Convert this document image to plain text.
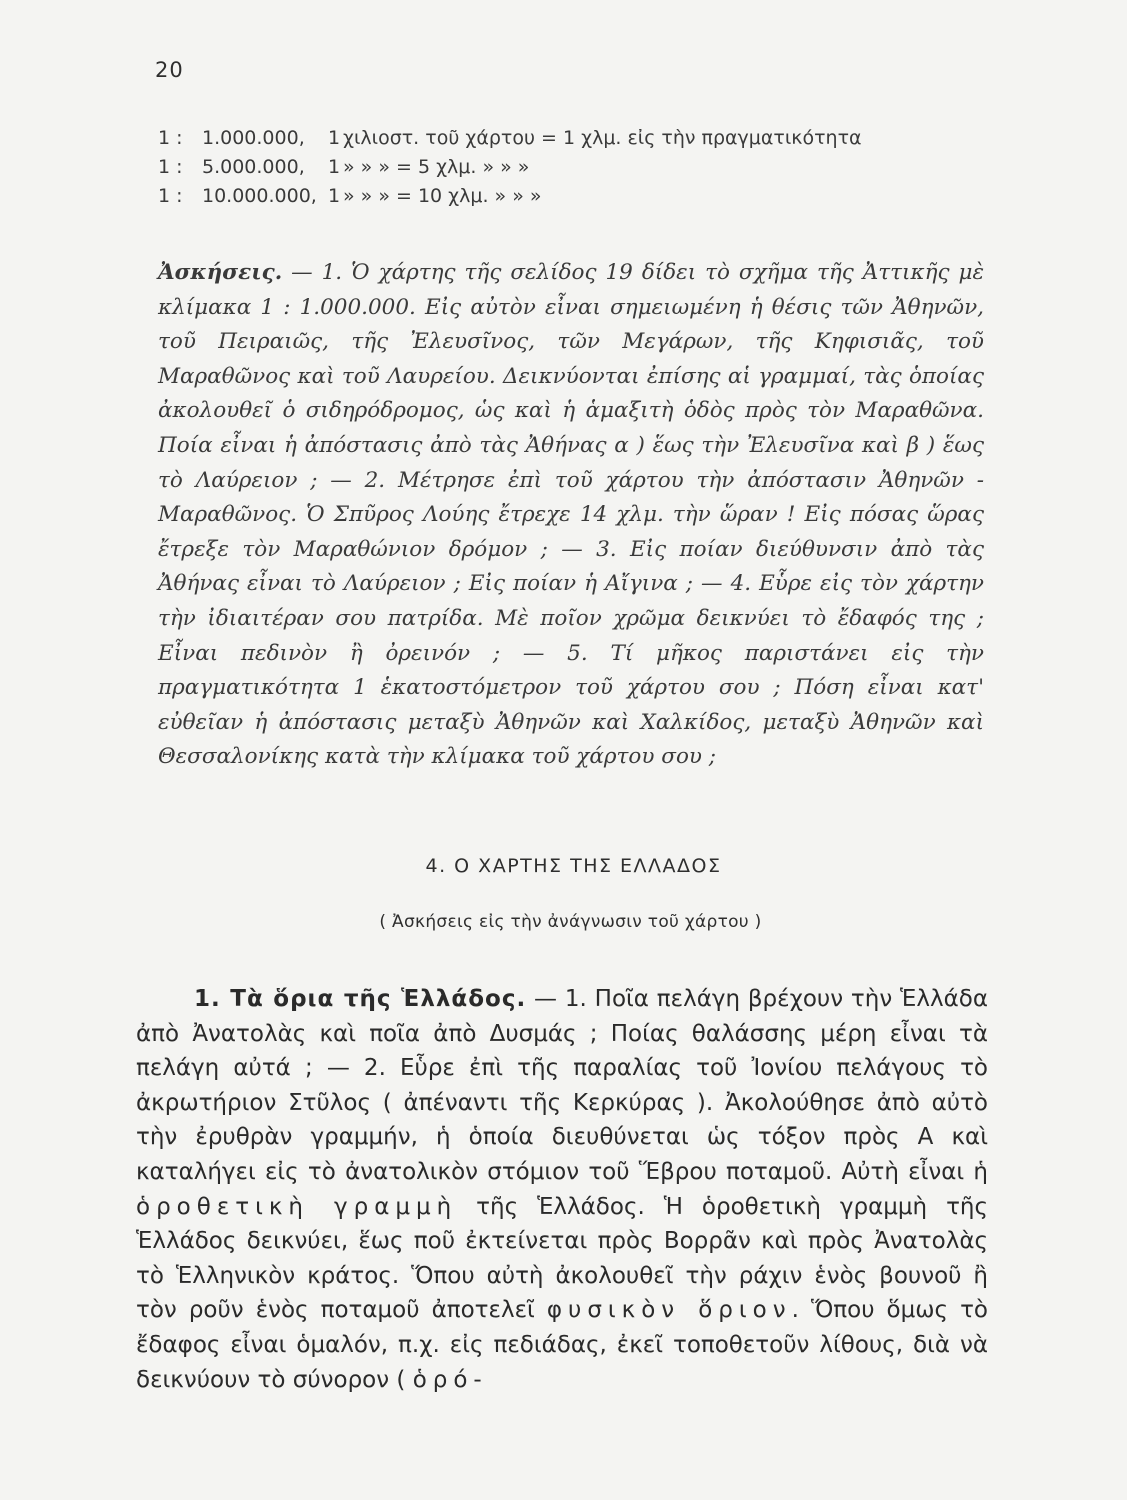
20
1 : 1.000.000, 1 χιλιοστ. τοῦ χάρτου = 1 χλμ. εἰς τὴν πραγματικότητα
1 : 5.000.000, 1 » » » = 5 χλμ. » » »
1 : 10.000.000, 1 » » » = 10 χλμ. » » »

Ἀσκήσεις. — 1. Ὁ χάρτης τῆς σελίδος 19 δίδει τὸ σχῆμα τῆς Ἀττικῆς μὲ κλίμακα 1 : 1.000.000. Εἰς αὐτὸν εἶναι σημειωμένη ἡ θέσις τῶν Ἀθηνῶν, τοῦ Πειραιῶς, τῆς Ἐλευσῖνος, τῶν Μεγάρων, τῆς Κηφισιᾶς, τοῦ Μαραθῶνος καὶ τοῦ Λαυρείου. Δεικνύονται ἐπίσης αἱ γραμμαί, τὰς ὁποίας ἀκολουθεῖ ὁ σιδηρόδρομος, ὡς καὶ ἡ ἁμαξιτὴ ὁδὸς πρὸς τὸν Μαραθῶνα. Ποία εἶναι ἡ ἀπόστασις ἀπὸ τὰς Ἀθήνας α ) ἕως τὴν Ἐλευσῖνα καὶ β ) ἕως τὸ Λαύρειον ; — 2. Μέτρησε ἐπὶ τοῦ χάρτου τὴν ἀπόστασιν Ἀθηνῶν - Μαραθῶνος. Ὁ Σπῦρος Λούης ἔτρεχε 14 χλμ. τὴν ὥραν ! Εἰς πόσας ὥρας ἔτρεξε τὸν Μαραθώνιον δρόμον ; — 3. Εἰς ποίαν διεύθυνσιν ἀπὸ τὰς Ἀθήνας εἶναι τὸ Λαύρειον ; Εἰς ποίαν ἡ Αἴγινα ; — 4. Εὗρε εἰς τὸν χάρτην τὴν ἰδιαιτέραν σου πατρίδα. Μὲ ποῖον χρῶμα δεικνύει τὸ ἔδαφός της ; Εἶναι πεδινὸν ἢ ὀρεινόν ; — 5. Τί μῆκος παριστάνει εἰς τὴν πραγματικότητα 1 ἑκατοστόμετρον τοῦ χάρτου σου ; Πόση εἶναι κατ' εὐθεῖαν ἡ ἀπόστασις μεταξὺ Ἀθηνῶν καὶ Χαλκίδος, μεταξὺ Ἀθηνῶν καὶ Θεσσαλονίκης κατὰ τὴν κλίμακα τοῦ χάρτου σου ;

4. Ο ΧΑΡΤΗΣ ΤΗΣ ΕΛΛΑΔΟΣ
( Ἀσκήσεις εἰς τὴν ἀνάγνωσιν τοῦ χάρτου )

1. Τὰ ὅρια τῆς Ἑλλάδος. — 1. Ποῖα πελάγη βρέχουν τὴν Ἑλλάδα ἀπὸ Ἀνατολὰς καὶ ποῖα ἀπὸ Δυσμάς ; Ποίας θαλάσσης μέρη εἶναι τὰ πελάγη αὐτά ; — 2. Εὗρε ἐπὶ τῆς παραλίας τοῦ Ἰονίου πελάγους τὸ ἀκρωτήριον Στῦλος ( ἀπέναντι τῆς Κερκύρας ). Ἀκολούθησε ἀπὸ αὐτὸ τὴν ἐρυθρὰν γραμμήν, ἡ ὁποία διευθύνεται ὡς τόξον πρὸς Α καὶ καταλήγει εἰς τὸ ἀνατολικὸν στόμιον τοῦ Ἕβρου ποταμοῦ. Αὐτὴ εἶναι ἡ ὁροθετικὴ γραμμὴ τῆς Ἑλλάδος. Ἡ ὁροθετικὴ γραμμὴ τῆς Ἑλλάδος δεικνύει, ἕως ποῦ ἐκτείνεται πρὸς Βορρᾶν καὶ πρὸς Ἀνατολὰς τὸ Ἑλληνικὸν κράτος. Ὅπου αὐτὴ ἀκολουθεῖ τὴν ράχιν ἑνὸς βουνοῦ ἢ τὸν ροῦν ἑνὸς ποταμοῦ ἀποτελεῖ φυσικὸν ὅριον. Ὅπου ὅμως τὸ ἔδαφος εἶναι ὁμαλόν, π.χ. εἰς πεδιάδας, ἐκεῖ τοποθετοῦν λίθους, διὰ νὰ δεικνύουν τὸ σύνορον ( ὁρό-
